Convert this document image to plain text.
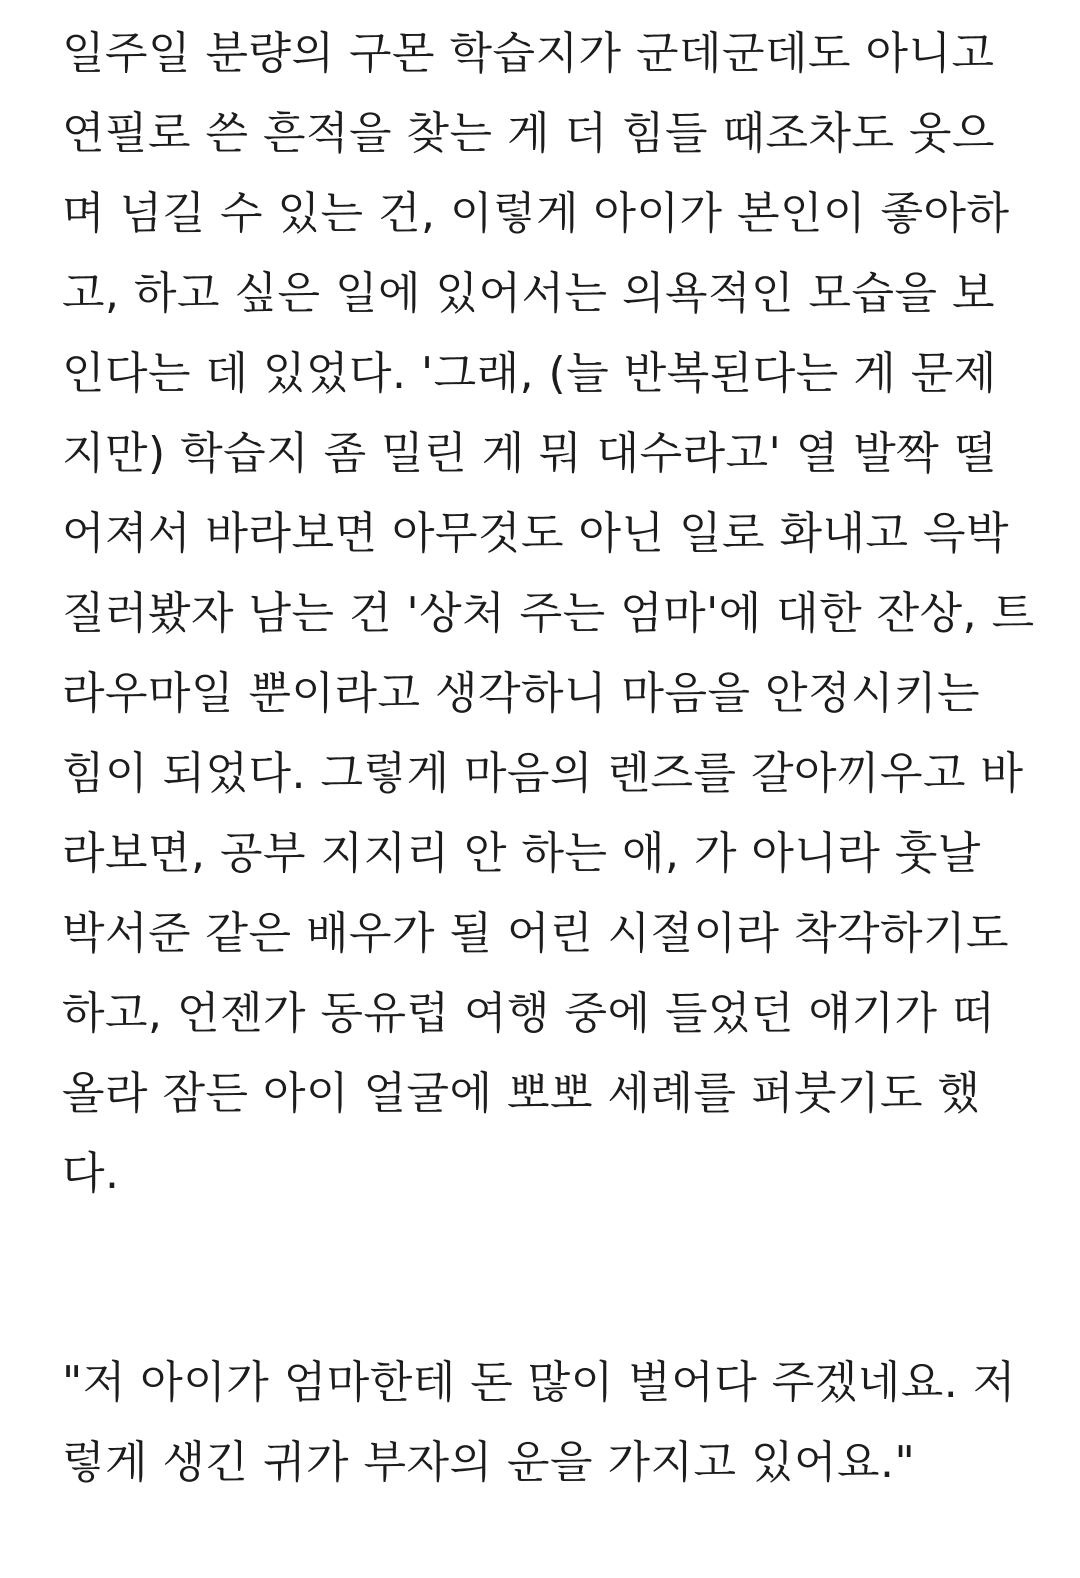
일주일 분량의 구몬 학습지가 군데군데도 아니고
연필로 쓴 흔적을 찾는 게 더 힘들 때조차도 웃으
며 넘길 수 있는 건, 이렇게 아이가 본인이 좋아하
고, 하고 싶은 일에 있어서는 의욕적인 모습을 보
인다는 데 있었다. '그래, (늘 반복된다는 게 문제
지만) 학습지 좀 밀린 게 뭐 대수라고' 열 발짝 떨
어져서 바라보면 아무것도 아닌 일로 화내고 윽박
질러봤자 남는 건 '상처 주는 엄마'에 대한 잔상, 트
라우마일 뿐이라고 생각하니 마음을 안정시키는
힘이 되었다. 그렇게 마음의 렌즈를 갈아끼우고 바
라보면, 공부 지지리 안 하는 애, 가 아니라 훗날
박서준 같은 배우가 될 어린 시절이라 착각하기도
하고, 언젠가 동유럽 여행 중에 들었던 얘기가 떠
올라 잠든 아이 얼굴에 뽀뽀 세례를 퍼붓기도 했
다.
"저 아이가 엄마한테 돈 많이 벌어다 주겠네요. 저
렇게 생긴 귀가 부자의 운을 가지고 있어요."
